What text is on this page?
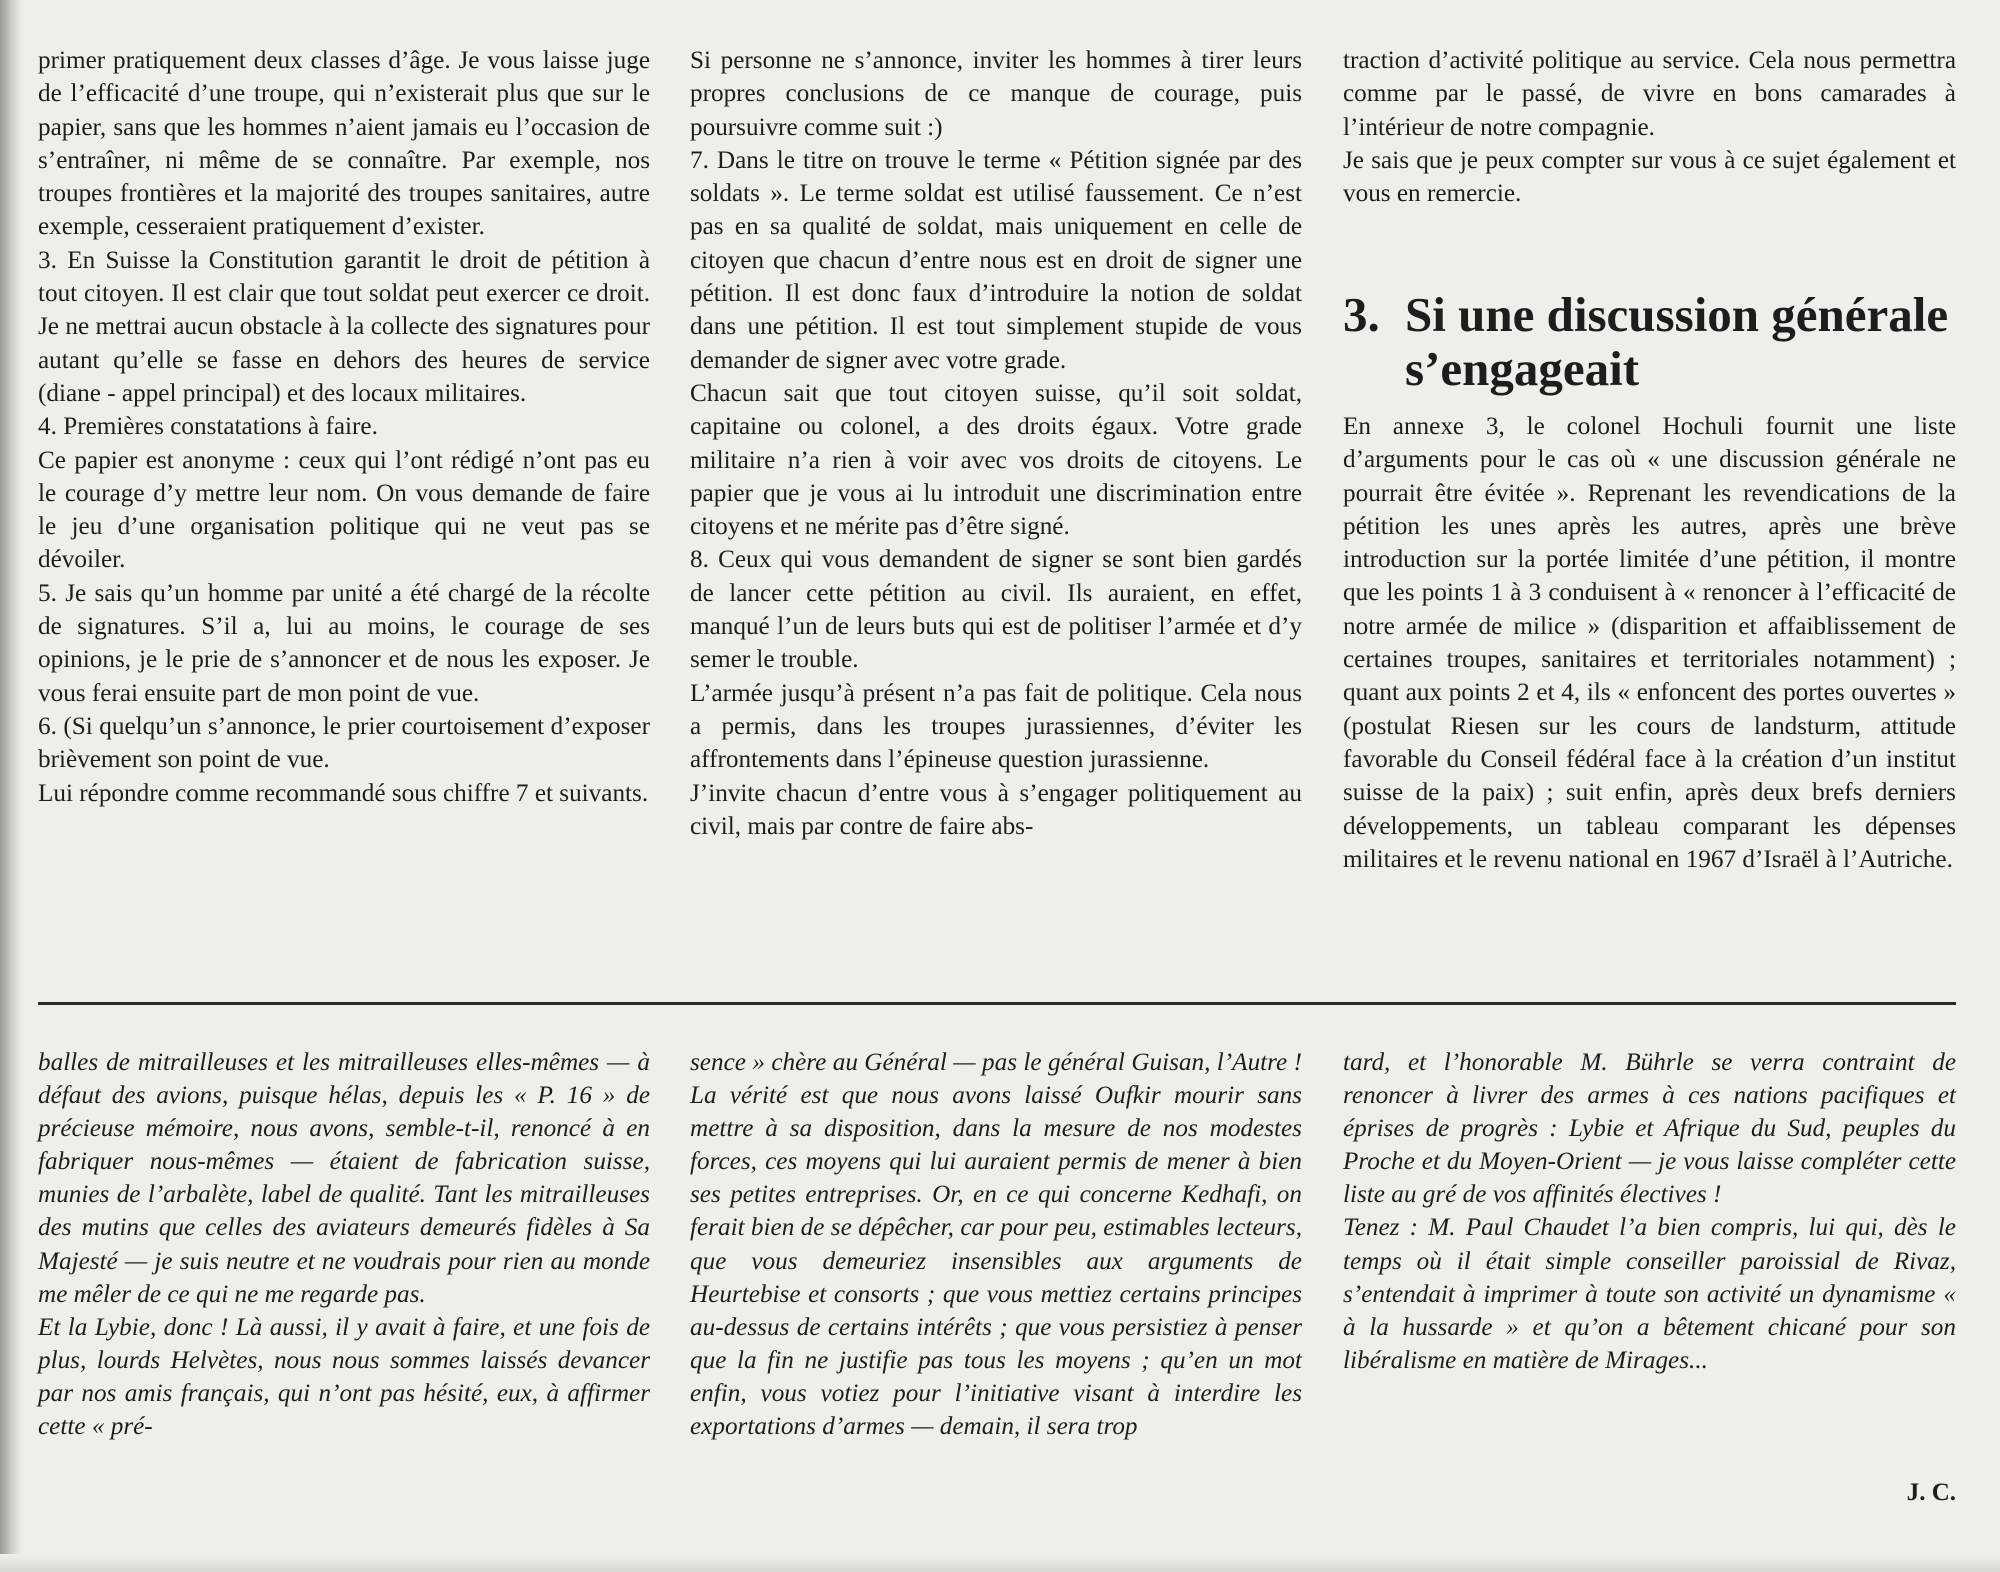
primer pratiquement deux classes d’âge. Je vous laisse juge de l’efficacité d’une troupe, qui n’existerait plus que sur le papier, sans que les hommes n’aient jamais eu l’occasion de s’entraîner, ni même de se connaître. Par exemple, nos troupes frontières et la majorité des troupes sanitaires, autre exemple, cesseraient pratiquement d’exister.

3. En Suisse la Constitution garantit le droit de pétition à tout citoyen. Il est clair que tout soldat peut exercer ce droit. Je ne mettrai aucun obstacle à la collecte des signatures pour autant qu’elle se fasse en dehors des heures de service (diane - appel principal) et des locaux militaires.

4. Premières constatations à faire.

Ce papier est anonyme : ceux qui l’ont rédigé n’ont pas eu le courage d’y mettre leur nom. On vous demande de faire le jeu d’une organisation politique qui ne veut pas se dévoiler.

5. Je sais qu’un homme par unité a été chargé de la récolte de signatures. S’il a, lui au moins, le courage de ses opinions, je le prie de s’annoncer et de nous les exposer. Je vous ferai ensuite part de mon point de vue.

6. (Si quelqu’un s’annonce, le prier courtoisement d’exposer brièvement son point de vue.

Lui répondre comme recommandé sous chiffre 7 et suivants.

Si personne ne s’annonce, inviter les hommes à tirer leurs propres conclusions de ce manque de courage, puis poursuivre comme suit :)

7. Dans le titre on trouve le terme « Pétition signée par des soldats ». Le terme soldat est utilisé faussement. Ce n’est pas en sa qualité de soldat, mais uniquement en celle de citoyen que chacun d’entre nous est en droit de signer une pétition. Il est donc faux d’introduire la notion de soldat dans une pétition. Il est tout simplement stupide de vous demander de signer avec votre grade.

Chacun sait que tout citoyen suisse, qu’il soit soldat, capitaine ou colonel, a des droits égaux. Votre grade militaire n’a rien à voir avec vos droits de citoyens. Le papier que je vous ai lu introduit une discrimination entre citoyens et ne mérite pas d’être signé.

8. Ceux qui vous demandent de signer se sont bien gardés de lancer cette pétition au civil. Ils auraient, en effet, manqué l’un de leurs buts qui est de politiser l’armée et d’y semer le trouble.

L’armée jusqu’à présent n’a pas fait de politique. Cela nous a permis, dans les troupes jurassiennes, d’éviter les affrontements dans l’épineuse question jurassienne.

J’invite chacun d’entre vous à s’engager politiquement au civil, mais par contre de faire abs-

traction d’activité politique au service. Cela nous permettra comme par le passé, de vivre en bons camarades à l’intérieur de notre compagnie.

Je sais que je peux compter sur vous à ce sujet également et vous en remercie.

3. Si une discussion générale
s’engageait

En annexe 3, le colonel Hochuli fournit une liste d’arguments pour le cas où « une discussion générale ne pourrait être évitée ». Reprenant les revendications de la pétition les unes après les autres, après une brève introduction sur la portée limitée d’une pétition, il montre que les points 1 à 3 conduisent à « renoncer à l’efficacité de notre armée de milice » (disparition et affaiblissement de certaines troupes, sanitaires et territoriales notamment) ; quant aux points 2 et 4, ils « enfoncent des portes ouvertes » (postulat Riesen sur les cours de landsturm, attitude favorable du Conseil fédéral face à la création d’un institut suisse de la paix) ; suit enfin, après deux brefs derniers développements, un tableau comparant les dépenses militaires et le revenu national en 1967 d’Israël à l’Autriche.

balles de mitrailleuses et les mitrailleuses elles-mêmes — à défaut des avions, puisque hélas, depuis les « P. 16 » de précieuse mémoire, nous avons, semble-t-il, renoncé à en fabriquer nous-mêmes — étaient de fabrication suisse, munies de l’arbalète, label de qualité. Tant les mitrailleuses des mutins que celles des aviateurs demeurés fidèles à Sa Majesté — je suis neutre et ne voudrais pour rien au monde me mêler de ce qui ne me regarde pas.

Et la Lybie, donc ! Là aussi, il y avait à faire, et une fois de plus, lourds Helvètes, nous nous sommes laissés devancer par nos amis français, qui n’ont pas hésité, eux, à affirmer cette « pré-

sence » chère au Général — pas le général Guisan, l’Autre ! La vérité est que nous avons laissé Oufkir mourir sans mettre à sa disposition, dans la mesure de nos modestes forces, ces moyens qui lui auraient permis de mener à bien ses petites entreprises. Or, en ce qui concerne Kedhafi, on ferait bien de se dépêcher, car pour peu, estimables lecteurs, que vous demeuriez insensibles aux arguments de Heurtebise et consorts ; que vous mettiez certains principes au-dessus de certains intérêts ; que vous persistiez à penser que la fin ne justifie pas tous les moyens ; qu’en un mot enfin, vous votiez pour l’initiative visant à interdire les exportations d’armes — demain, il sera trop

tard, et l’honorable M. Bührle se verra contraint de renoncer à livrer des armes à ces nations pacifiques et éprises de progrès : Lybie et Afrique du Sud, peuples du Proche et du Moyen-Orient — je vous laisse compléter cette liste au gré de vos affinités électives !

Tenez : M. Paul Chaudet l’a bien compris, lui qui, dès le temps où il était simple conseiller paroissial de Rivaz, s’entendait à imprimer à toute son activité un dynamisme « à la hussarde » et qu’on a bêtement chicané pour son libéralisme en matière de Mirages...

J. C.
